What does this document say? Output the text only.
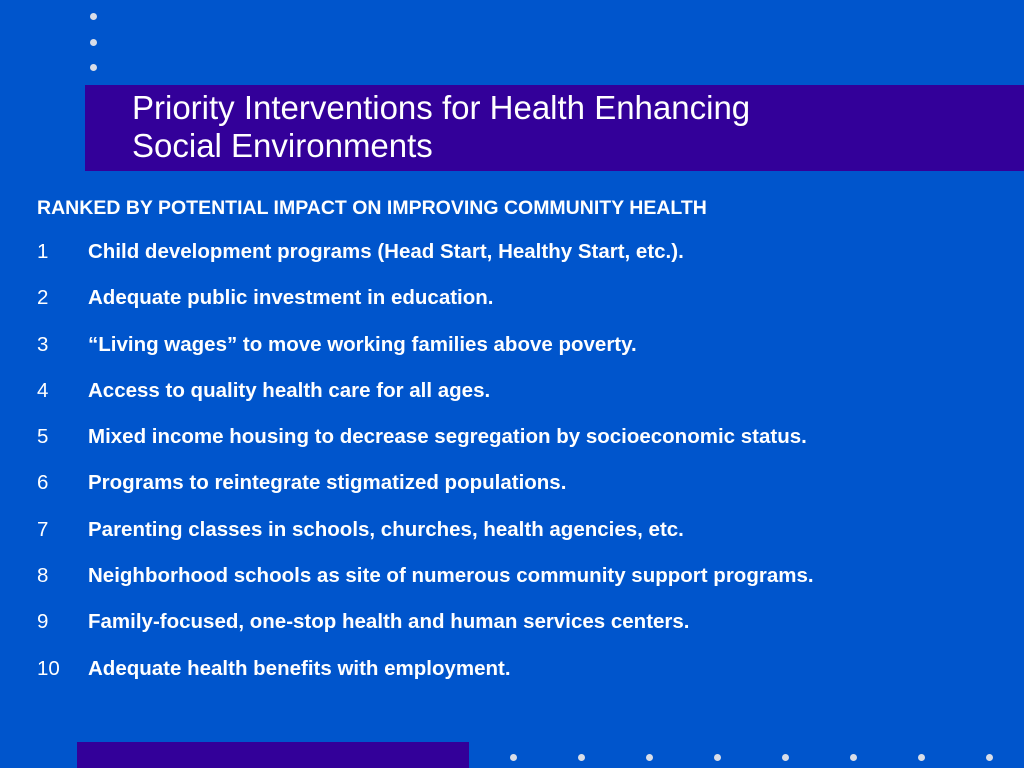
Priority Interventions for Health Enhancing
Social Environments

RANKED BY POTENTIAL IMPACT ON IMPROVING COMMUNITY HEALTH

1	Child development programs (Head Start, Healthy Start, etc.).
2	Adequate public investment in education.
3	“Living wages” to move working families above poverty.
4	Access to quality health care for all ages.
5	Mixed income housing to decrease segregation by socioeconomic status.
6	Programs to reintegrate stigmatized populations.
7	Parenting classes in schools, churches, health agencies, etc.
8	Neighborhood schools as site of numerous community support programs.
9	Family-focused, one-stop health and human services centers.
10	Adequate health benefits with employment.
